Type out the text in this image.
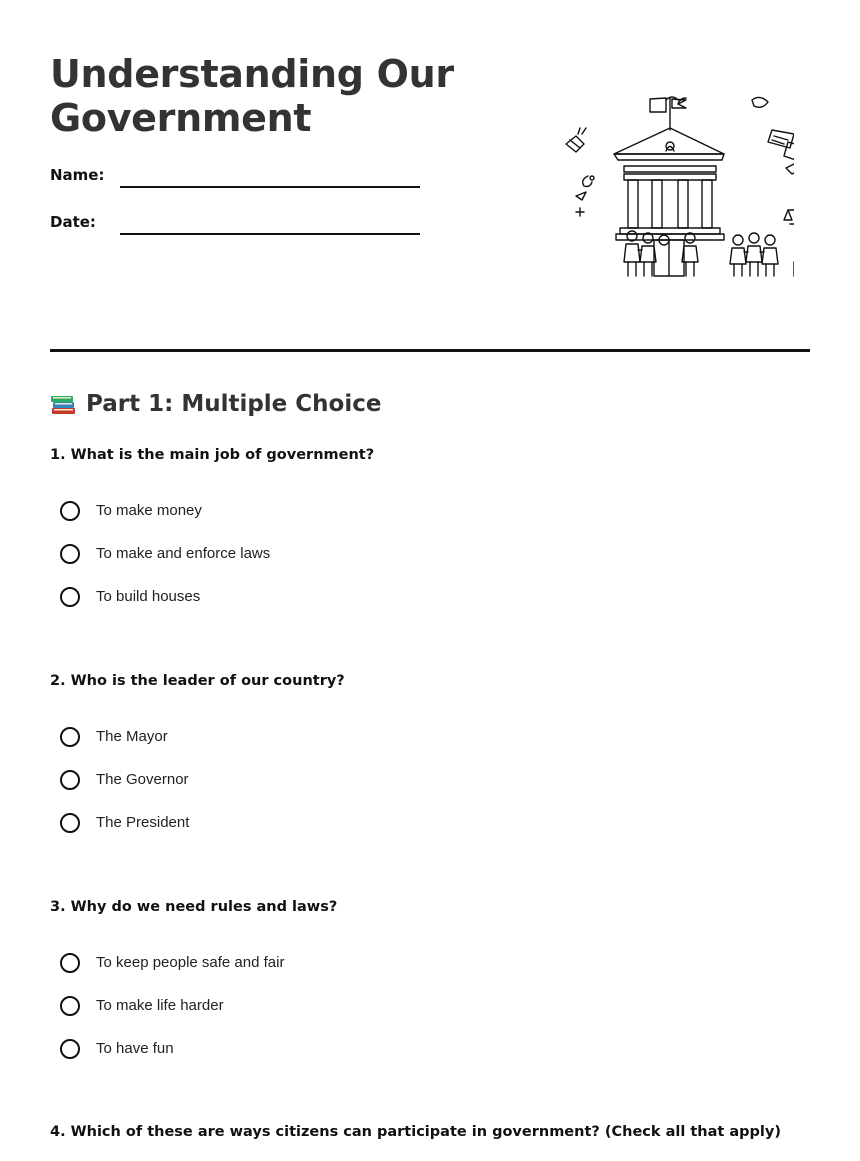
Understanding Our Government
Name:
Date:
Part 1: Multiple Choice

1. What is the main job of government?

To make money
To make and enforce laws
To build houses

2. Who is the leader of our country?

The Mayor
The Governor
The President

3. Why do we need rules and laws?

To keep people safe and fair
To make life harder
To have fun

4. Which of these are ways citizens can participate in government? (Check all that apply)
